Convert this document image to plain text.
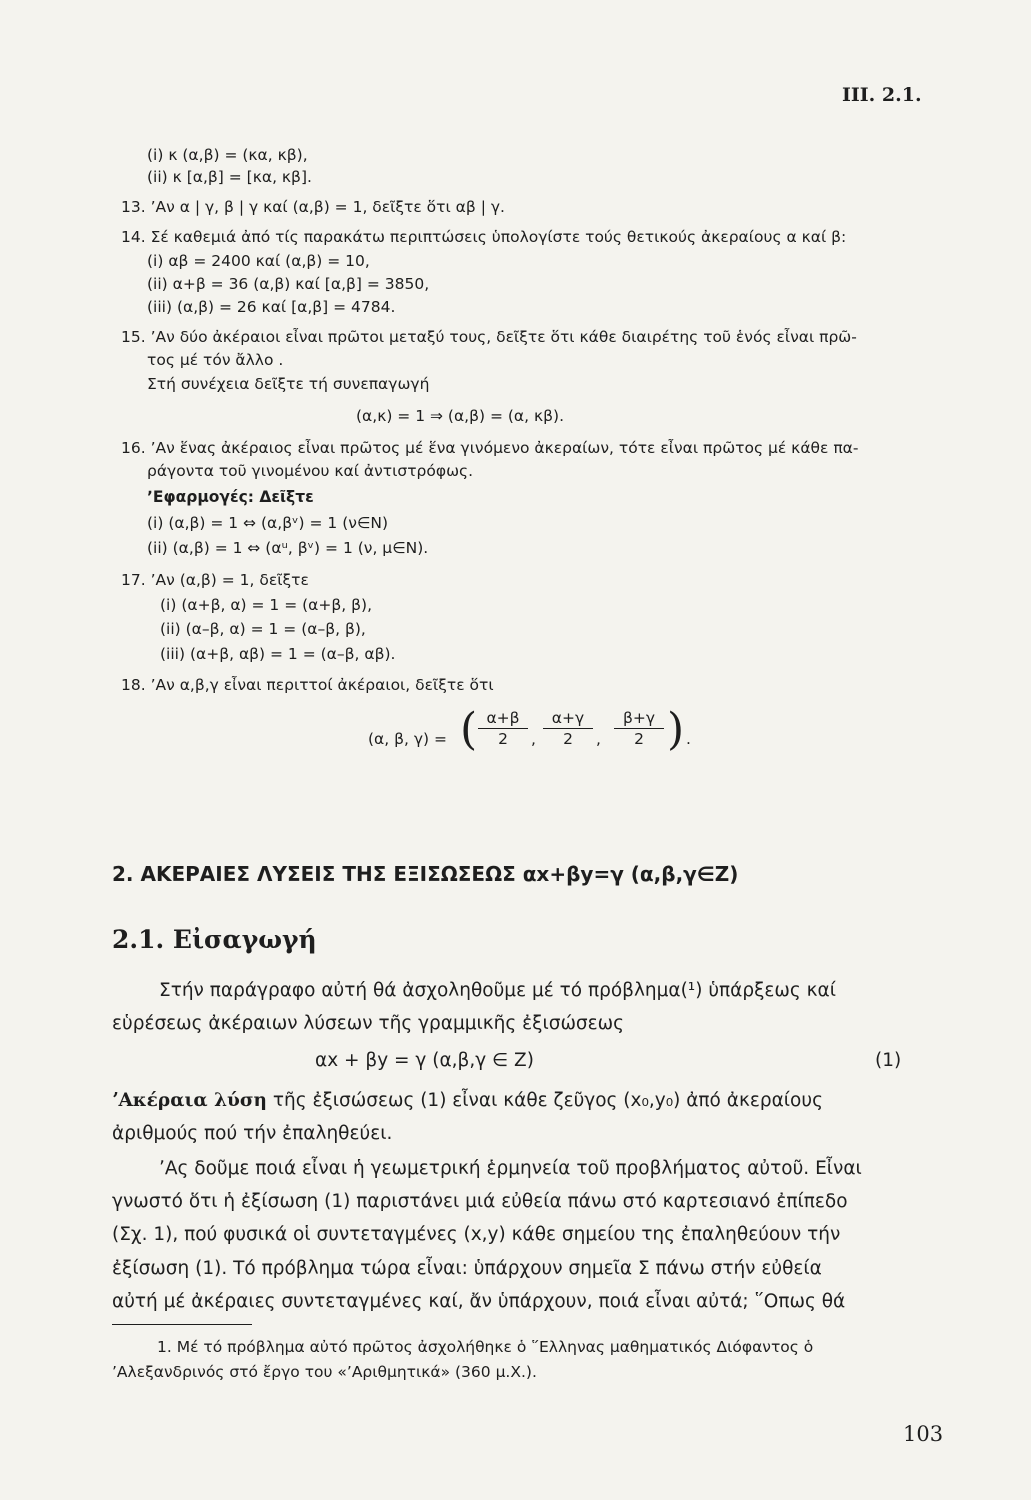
III. 2.1.
(i) κ (α,β) = (κα, κβ),
(ii) κ [α,β] = [κα, κβ].
13. ʼΑν α | γ, β | γ καί (α,β) = 1, δεῖξτε ὅτι αβ | γ.
14. Σέ καθεμιά ἀπό τίς παρακάτω περιπτώσεις ὑπολογίστε τούς θετικούς ἀκεραίους α καί β:
(i) αβ = 2400 καί (α,β) = 10,
(ii) α+β = 36 (α,β) καί [α,β] = 3850,
(iii) (α,β) = 26 καί [α,β] = 4784.
15. ʼΑν δύο ἀκέραιοι εἶναι πρῶτοι μεταξύ τους, δεῖξτε ὅτι κάθε διαιρέτης τοῦ ἑνός εἶναι πρῶ-
τος μέ τόν ἄλλο .
Στή συνέχεια δεῖξτε τή συνεπαγωγή
(α,κ) = 1 ⇒ (α,β) = (α, κβ).
16. ʼΑν ἕνας ἀκέραιος εἶναι πρῶτος μέ ἕνα γινόμενο ἀκεραίων, τότε εἶναι πρῶτος μέ κάθε πα-
ράγοντα τοῦ γινομένου καί ἀντιστρόφως.
ʼΕφαρμογές: Δεῖξτε
(i) (α,β) = 1 ⇔ (α,βᵛ) = 1 (ν∈N)
(ii) (α,β) = 1 ⇔ (αᵘ, βᵛ) = 1 (ν, μ∈N).
17. ʼΑν (α,β) = 1, δεῖξτε
(i) (α+β, α) = 1 = (α+β, β),
(ii) (α–β, α) = 1 = (α–β, β),
(iii) (α+β, αβ) = 1 = (α–β, αβ).
18. ʼΑν α,β,γ εἶναι περιττοί ἀκέραιοι, δεῖξτε ὅτι
(α, β, γ) = ( $\frac{\alpha+\beta}{2}$ , $\frac{\alpha+\gamma}{2}$ , $\frac{\beta+\gamma}{2}$ ) .
2. ΑΚΕΡΑΙΕΣ ΛΥΣΕΙΣ ΤΗΣ ΕΞΙΣΩΣΕΩΣ αx+βy=γ (α,β,γ∈Z)
2.1. Εἰσαγωγή
Στήν παράγραφο αὐτή θά ἀσχοληθοῦμε μέ τό πρόβλημα(¹) ὑπάρξεως καί
εὑρέσεως ἀκέραιων λύσεων τῆς γραμμικῆς ἐξισώσεως
αx + βy = γ (α,β,γ ∈ Z)	(1)
ʼΑκέραια λύση τῆς ἐξισώσεως (1) εἶναι κάθε ζεῦγος (x₀,y₀) ἀπό ἀκεραίους
ἀριθμούς πού τήν ἐπαληθεύει.
ʼΑς δοῦμε ποιά εἶναι ἡ γεωμετρική ἑρμηνεία τοῦ προβλήματος αὐτοῦ. Εἶναι
γνωστό ὅτι ἡ ἐξίσωση (1) παριστάνει μιά εὐθεία πάνω στό καρτεσιανό ἐπίπεδο
(Σχ. 1), πού φυσικά οἱ συντεταγμένες (x,y) κάθε σημείου της ἐπαληθεύουν τήν
ἐξίσωση (1). Τό πρόβλημα τώρα εἶναι: ὑπάρχουν σημεῖα Σ πάνω στήν εὐθεία
αὐτή μέ ἀκέραιες συντεταγμένες καί, ἄν ὑπάρχουν, ποιά εἶναι αὐτά; ῞Οπως θά
1. Μέ τό πρόβλημα αὐτό πρῶτος ἀσχολήθηκε ὁ ῞Ελληνας μαθηματικός Διόφαντος ὁ
ʼΑλεξανδρινός στό ἔργο του «ʼΑριθμητικά» (360 μ.Χ.).
103
